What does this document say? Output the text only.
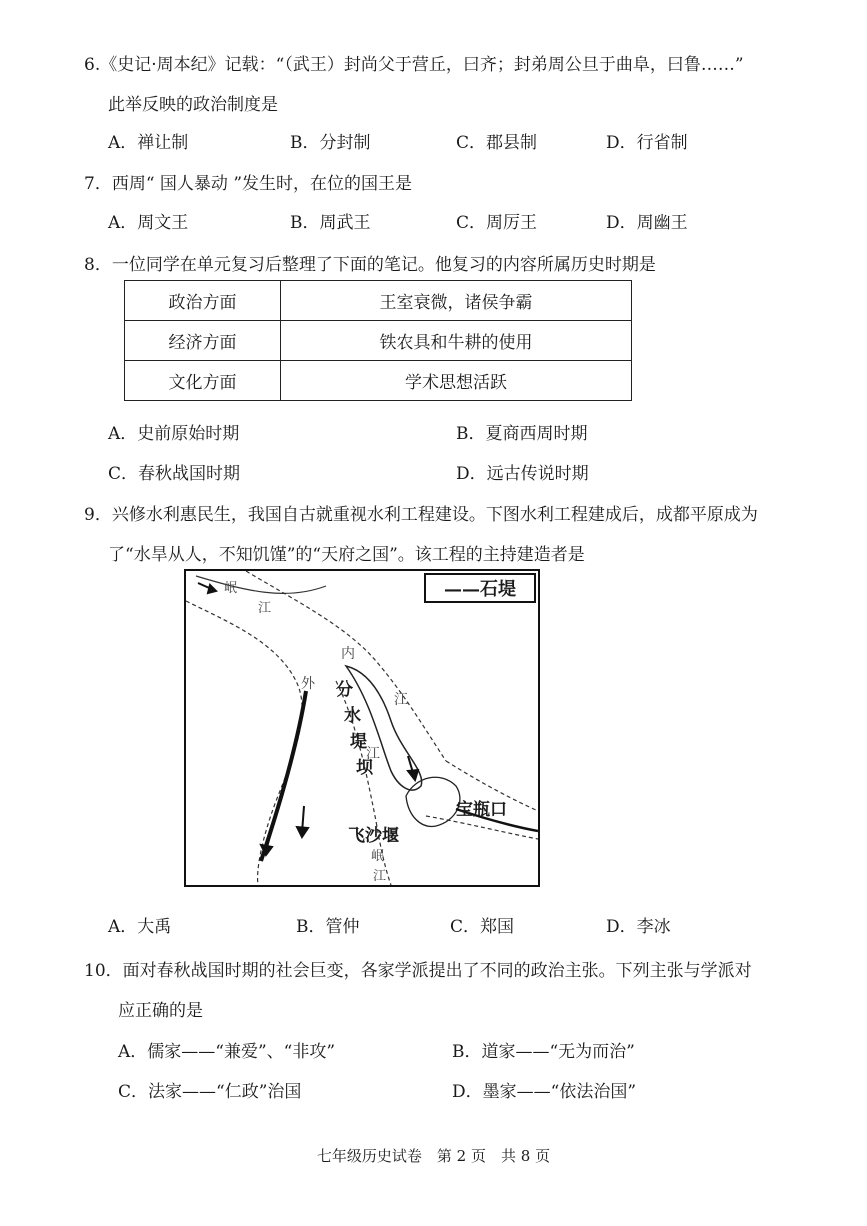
6.《史记·周本纪》记载：“（武王）封尚父于营丘，曰齐；封弟周公旦于曲阜，曰鲁……”
此举反映的政治制度是
A．禅让制	B．分封制	C．郡县制	D．行省制
7．西周“ 国人暴动 ”发生时，在位的国王是
A．周文王	B．周武王	C．周厉王	D．周幽王
8．一位同学在单元复习后整理了下面的笔记。他复习的内容所属历史时期是
政治方面	王室衰微，诸侯争霸
经济方面	铁农具和牛耕的使用
文化方面	学术思想活跃
A．史前原始时期	B．夏商西周时期
C．春秋战国时期	D．远古传说时期
9．兴修水利惠民生，我国自古就重视水利工程建设。下图水利工程建成后，成都平原成为
了“水旱从人，不知饥馑”的“天府之国”。该工程的主持建造者是
——石堤
岷
江
内
江
外
江
分
水
堤
坝
宝瓶口
飞沙堰
岷
江
A．大禹	B．管仲	C．郑国	D．李冰
10．面对春秋战国时期的社会巨变，各家学派提出了不同的政治主张。下列主张与学派对
应正确的是
A．儒家——“兼爱”、“非攻”	B．道家——“无为而治”
C．法家——“仁政”治国	D．墨家——“依法治国”
七年级历史试卷　第 2 页　共 8 页
